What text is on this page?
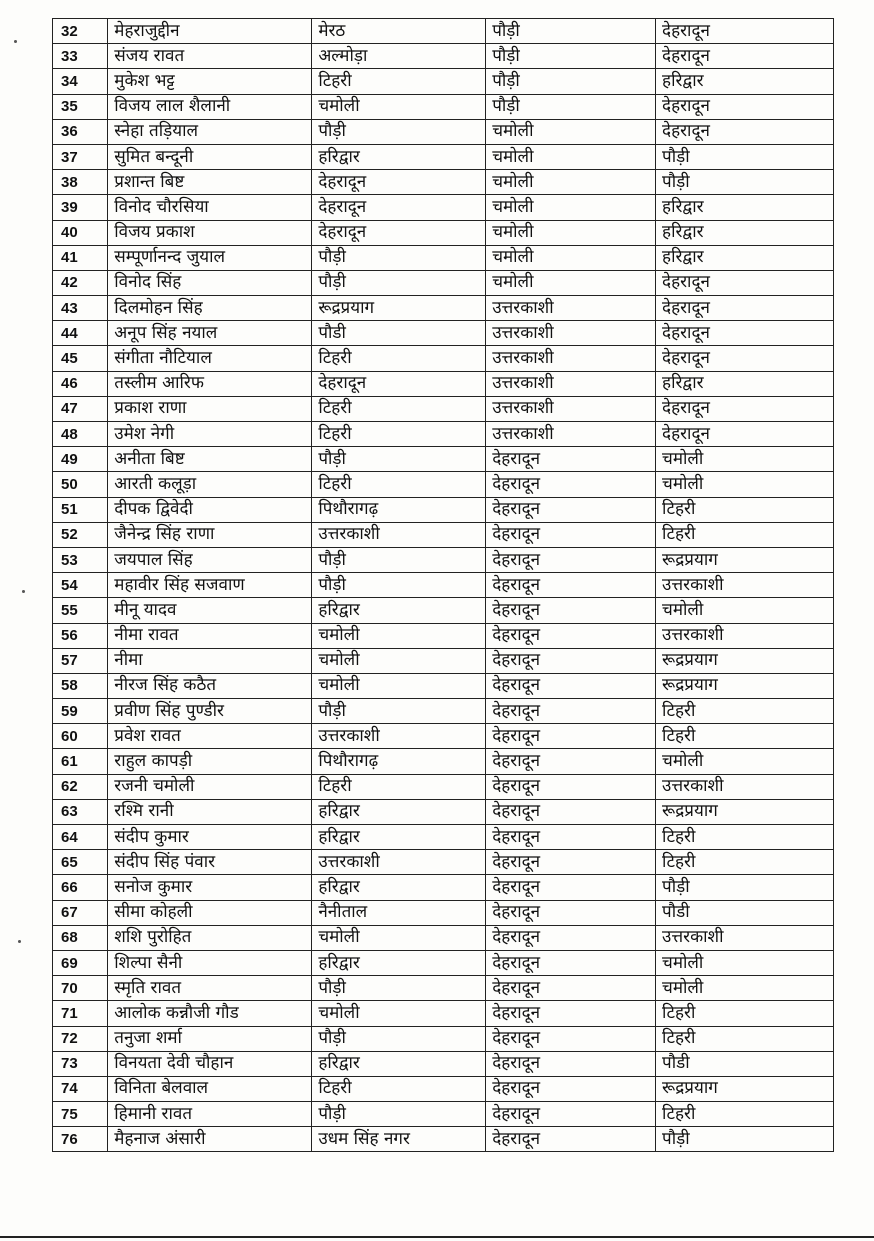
32	मेहराजुद्दीन	मेरठ	पौड़ी	देहरादून
33	संजय रावत	अल्मोड़ा	पौड़ी	देहरादून
34	मुकेश भट्ट	टिहरी	पौड़ी	हरिद्वार
35	विजय लाल शैलानी	चमोली	पौड़ी	देहरादून
36	स्नेहा तड़ियाल	पौड़ी	चमोली	देहरादून
37	सुमित बन्दूनी	हरिद्वार	चमोली	पौड़ी
38	प्रशान्त बिष्ट	देहरादून	चमोली	पौड़ी
39	विनोद चौरसिया	देहरादून	चमोली	हरिद्वार
40	विजय प्रकाश	देहरादून	चमोली	हरिद्वार
41	सम्पूर्णानन्द जुयाल	पौड़ी	चमोली	हरिद्वार
42	विनोद सिंह	पौड़ी	चमोली	देहरादून
43	दिलमोहन सिंह	रूद्रप्रयाग	उत्तरकाशी	देहरादून
44	अनूप सिंह नयाल	पौडी	उत्तरकाशी	देहरादून
45	संगीता नौटियाल	टिहरी	उत्तरकाशी	देहरादून
46	तस्लीम आरिफ	देहरादून	उत्तरकाशी	हरिद्वार
47	प्रकाश राणा	टिहरी	उत्तरकाशी	देहरादून
48	उमेश नेगी	टिहरी	उत्तरकाशी	देहरादून
49	अनीता बिष्ट	पौड़ी	देहरादून	चमोली
50	आरती कलूड़ा	टिहरी	देहरादून	चमोली
51	दीपक द्विवेदी	पिथौरागढ़	देहरादून	टिहरी
52	जैनेन्द्र सिंह राणा	उत्तरकाशी	देहरादून	टिहरी
53	जयपाल सिंह	पौड़ी	देहरादून	रूद्रप्रयाग
54	महावीर सिंह सजवाण	पौड़ी	देहरादून	उत्तरकाशी
55	मीनू यादव	हरिद्वार	देहरादून	चमोली
56	नीमा रावत	चमोली	देहरादून	उत्तरकाशी
57	नीमा	चमोली	देहरादून	रूद्रप्रयाग
58	नीरज सिंह कठैत	चमोली	देहरादून	रूद्रप्रयाग
59	प्रवीण सिंह पुण्डीर	पौड़ी	देहरादून	टिहरी
60	प्रवेश रावत	उत्तरकाशी	देहरादून	टिहरी
61	राहुल कापड़ी	पिथौरागढ़	देहरादून	चमोली
62	रजनी चमोली	टिहरी	देहरादून	उत्तरकाशी
63	रश्मि रानी	हरिद्वार	देहरादून	रूद्रप्रयाग
64	संदीप कुमार	हरिद्वार	देहरादून	टिहरी
65	संदीप सिंह पंवार	उत्तरकाशी	देहरादून	टिहरी
66	सनोज कुमार	हरिद्वार	देहरादून	पौड़ी
67	सीमा कोहली	नैनीताल	देहरादून	पौडी
68	शशि पुरोहित	चमोली	देहरादून	उत्तरकाशी
69	शिल्पा सैनी	हरिद्वार	देहरादून	चमोली
70	स्मृति रावत	पौड़ी	देहरादून	चमोली
71	आलोक कन्नौजी गौड	चमोली	देहरादून	टिहरी
72	तनुजा शर्मा	पौड़ी	देहरादून	टिहरी
73	विनयता देवी चौहान	हरिद्वार	देहरादून	पौडी
74	विनिता बेलवाल	टिहरी	देहरादून	रूद्रप्रयाग
75	हिमानी रावत	पौड़ी	देहरादून	टिहरी
76	मैहनाज अंसारी	उधम सिंह नगर	देहरादून	पौड़ी
